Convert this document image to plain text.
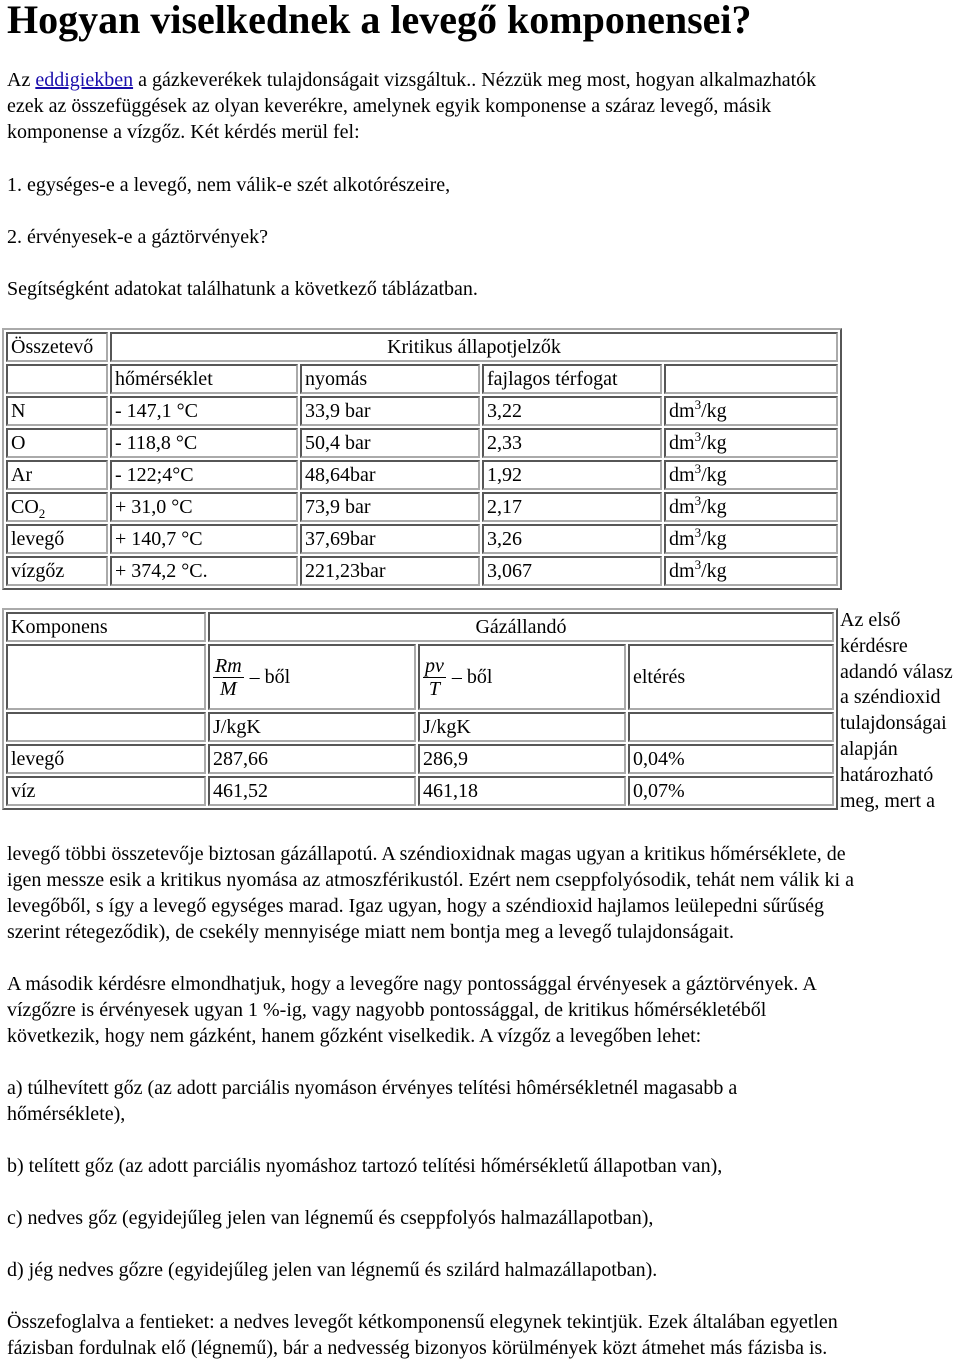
Hogyan viselkednek a levegő komponensei?
Az eddigiekben a gázkeverékek tulajdonságait vizsgáltuk.. Nézzük meg most, hogyan alkalmazhatók
ezek az összefüggések az olyan keverékre, amelynek egyik komponense a száraz levegő, másik
komponense a vízgőz. Két kérdés merül fel:
1. egységes-e a levegő, nem válik-e szét alkotórészeire,
2. érvényesek-e a gáztörvények?
Segítségként adatokat találhatunk a következő táblázatban.
Összetevő	Kritikus állapotjelzők			
	hőmérséklet	nyomás	fajlagos térfogat	
N	- 147,1 °C	33,9 bar	3,22	$dm^3/kg$
O	- 118,8 °C	50,4 bar	2,33	$dm^3/kg$
Ar	- 122;4°C	48,64bar	1,92	$dm^3/kg$
$CO_2$	+ 31,0 °C	73,9 bar	2,17	$dm^3/kg$
levegő	+ 140,7 °C	37,69bar	3,26	$dm^3/kg$
vízgőz	+ 374,2 °C.	221,23bar	3,067	$dm^3/kg$
Komponens	Gázállandó		

	$\frac{Rm}{M}$ – ből	$\frac{pv}{T}$ – ből	eltérés
	J/kgK	J/kgK	
levegő	287,66	286,9	0,04%
víz	461,52	461,18	0,07%
Az első kérdésre adandó válasz a széndioxid tulajdonságai alapján határozható meg, mert a
levegő többi összetevője biztosan gázállapotú. A széndioxidnak magas ugyan a kritikus hőmérséklete, de
igen messze esik a kritikus nyomása az atmoszférikustól. Ezért nem cseppfolyósodik, tehát nem válik ki a
levegőből, s így a levegő egységes marad. Igaz ugyan, hogy a széndioxid hajlamos leülepedni sűrűség
szerint rétegeződik), de csekély mennyisége miatt nem bontja meg a levegő tulajdonságait.
A második kérdésre elmondhatjuk, hogy a levegőre nagy pontossággal érvényesek a gáztörvények. A
vízgőzre is érvényesek ugyan 1 %-ig, vagy nagyobb pontossággal, de kritikus hőmérsékletéből
következik, hogy nem gázként, hanem gőzként viselkedik. A vízgőz a levegőben lehet:
a) túlhevített gőz (az adott parciális nyomáson érvényes telítési hômérsékletnél magasabb a
hőmérséklete),
b) telített gőz (az adott parciális nyomáshoz tartozó telítési hőmérsékletű állapotban van),
c) nedves gőz (egyidejűleg jelen van légnemű és cseppfolyós halmazállapotban),
d) jég nedves gőzre (egyidejűleg jelen van légnemű és szilárd halmazállapotban).
Összefoglalva a fentieket: a nedves levegőt kétkomponensű elegynek tekintjük. Ezek általában egyetlen
fázisban fordulnak elő (légnemű), bár a nedvesség bizonyos körülmények közt átmehet más fázisba is.
